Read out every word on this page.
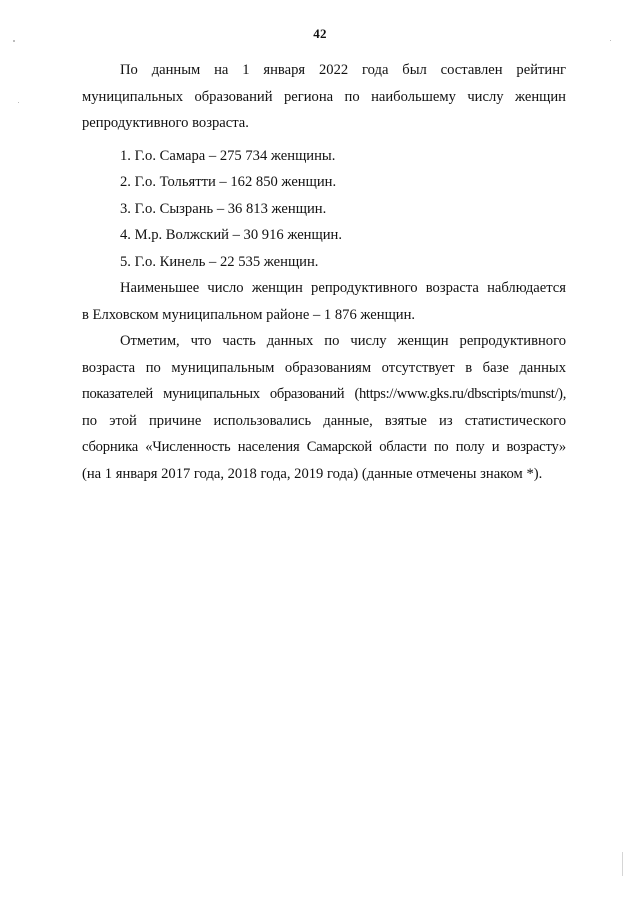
42

По данным на 1 января 2022 года был составлен рейтинг
муниципальных образований региона по наибольшему числу женщин
репродуктивного возраста.

1. Г.о. Самара – 275 734 женщины.
2. Г.о. Тольятти – 162 850 женщин.
3. Г.о. Сызрань – 36 813 женщин.
4. М.р. Волжский – 30 916 женщин.
5. Г.о. Кинель – 22 535 женщин.

Наименьшее число женщин репродуктивного возраста наблюдается
в Елховском муниципальном районе – 1 876 женщин.

Отметим, что часть данных по числу женщин репродуктивного
возраста по муниципальным образованиям отсутствует в базе данных
показателей муниципальных образований (https://www.gks.ru/dbscripts/munst/),
по этой причине использовались данные, взятые из статистического
сборника «Численность населения Самарской области по полу и возрасту»
(на 1 января 2017 года, 2018 года, 2019 года) (данные отмечены знаком *).
